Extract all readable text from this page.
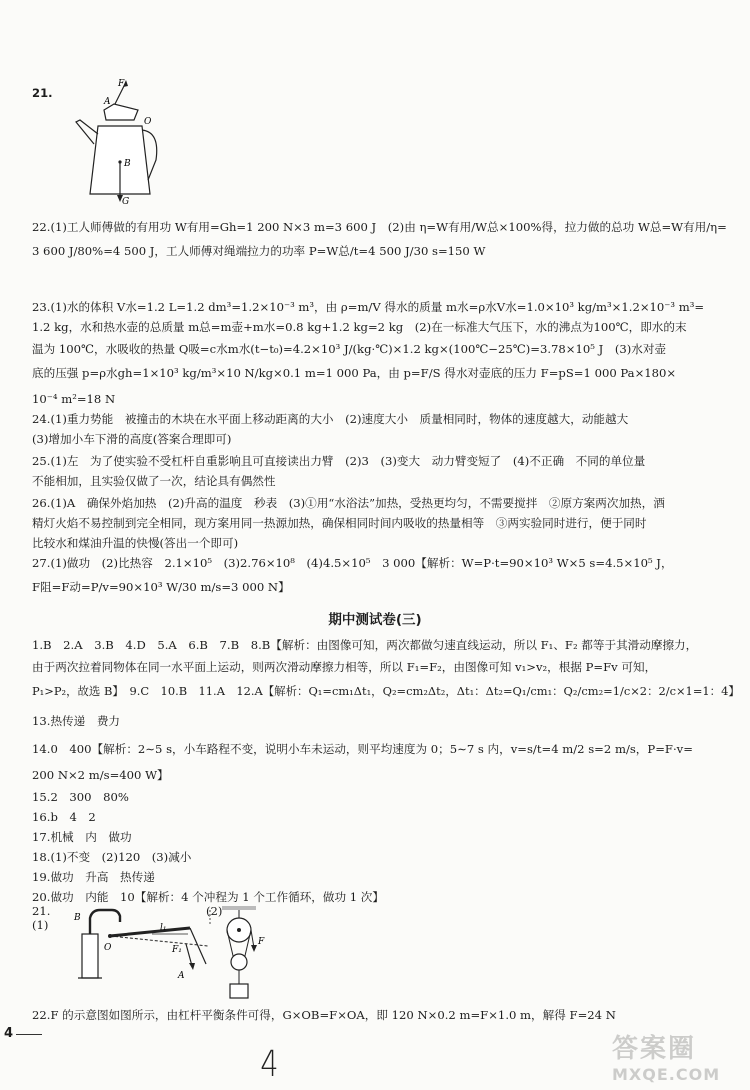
21.
F
A
O
B
G
22.(1)工人师傅做的有用功 W有用=Gh=1 200 N×3 m=3 600 J　(2)由 η=W有用/W总×100%得，拉力做的总功 W总=W有用/η=
3 600 J/80%=4 500 J，工人师傅对绳端拉力的功率 P=W总/t=4 500 J/30 s=150 W
23.(1)水的体积 V水=1.2 L=1.2 dm³=1.2×10⁻³ m³，由 ρ=m/V 得水的质量 m水=ρ水V水=1.0×10³ kg/m³×1.2×10⁻³ m³=
1.2 kg，水和热水壶的总质量 m总=m壶+m水=0.8 kg+1.2 kg=2 kg　(2)在一标准大气压下，水的沸点为100℃，即水的末
温为 100℃，水吸收的热量 Q吸=c水m水(t−t₀)=4.2×10³ J/(kg·℃)×1.2 kg×(100℃−25℃)=3.78×10⁵ J　(3)水对壶
底的压强 p=ρ水gh=1×10³ kg/m³×10 N/kg×0.1 m=1 000 Pa，由 p=F/S 得水对壶底的压力 F=pS=1 000 Pa×180×
10⁻⁴ m²=18 N
24.(1)重力势能　被撞击的木块在水平面上移动距离的大小　(2)速度大小　质量相同时，物体的速度越大，动能越大
(3)增加小车下滑的高度(答案合理即可)
25.(1)左　为了使实验不受杠杆自重影响且可直接读出力臂　(2)3　(3)变大　动力臂变短了　(4)不正确　不同的单位量
不能相加，且实验仅做了一次，结论具有偶然性
26.(1)A　确保外焰加热　(2)升高的温度　秒表　(3)①用“水浴法”加热，受热更均匀，不需要搅拌　②原方案两次加热，酒
精灯火焰不易控制到完全相同，现方案用同一热源加热，确保相同时间内吸收的热量相等　③两实验同时进行，便于同时
比较水和煤油升温的快慢(答出一个即可)
27.(1)做功　(2)比热容　2.1×10⁵　(3)2.76×10⁸　(4)4.5×10⁵　3 000【解析：W=P·t=90×10³ W×5 s=4.5×10⁵ J，
F阻=F动=P/v=90×10³ W/30 m/s=3 000 N】
期中测试卷(三)
1.B　2.A　3.B　4.D　5.A　6.B　7.B　8.B【解析：由图像可知，两次都做匀速直线运动，所以 F₁、F₂ 都等于其滑动摩擦力，
由于两次拉着同物体在同一水平面上运动，则两次滑动摩擦力相等，所以 F₁=F₂，由图像可知 v₁>v₂，根据 P=Fv 可知，
P₁>P₂，故选 B】　9.C　10.B　11.A　12.A【解析：Q₁=cm₁Δt₁，Q₂=cm₂Δt₂，Δt₁：Δt₂=Q₁/cm₁：Q₂/cm₂=1/c×2：2/c×1=1：4】
13.热传递　费力
14.0　400【解析：2∼5 s，小车路程不变，说明小车未运动，则平均速度为 0；5∼7 s 内，v=s/t=4 m/2 s=2 m/s，P=F·v=
200 N×2 m/s=400 W】
15.2　300　80%
16.b　4　2
17.机械　内　做功
18.(1)不变　(2)120　(3)减小
19.做功　升高　热传递
20.做功　内能　10【解析：4 个冲程为 1 个工作循环，做功 1 次】
21.(1)	B
O
l₁
F₁
A
(2)
F
22.F 的示意图如图所示，由杠杆平衡条件可得，G×OB=F×OA，即 120 N×0.2 m=F×1.0 m，解得 F=24 N
4
4	答案圈
MXQE.COM
